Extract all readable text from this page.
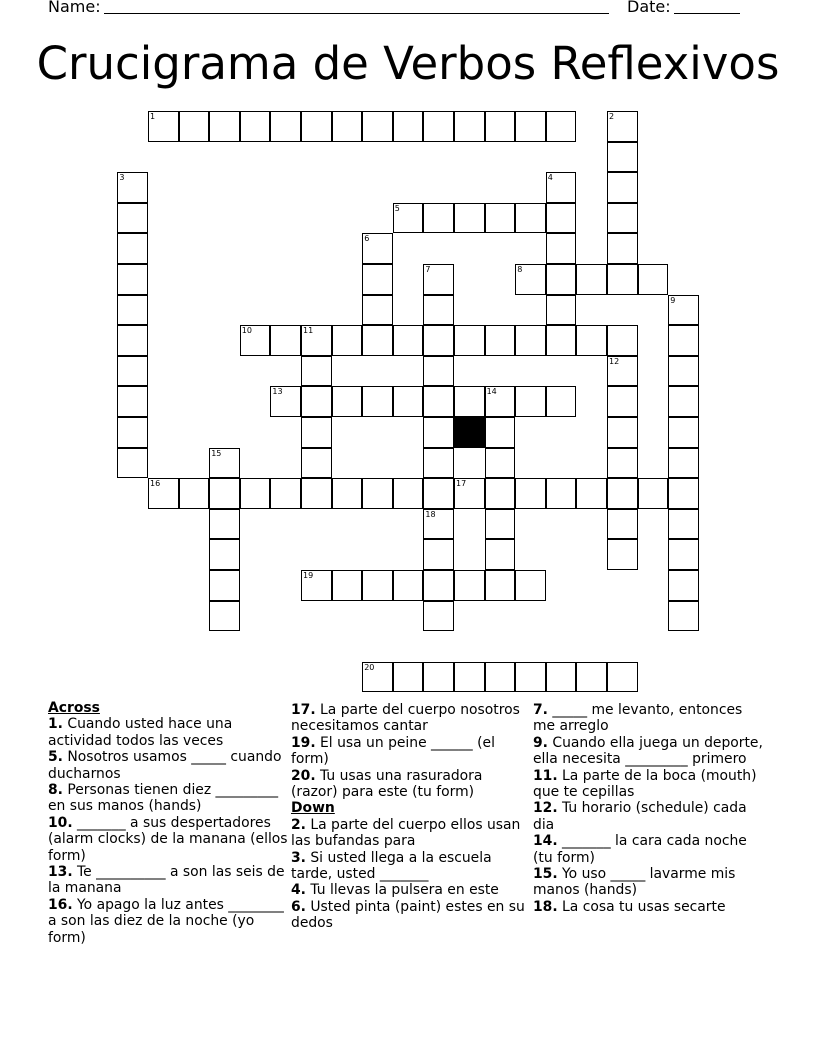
Name:	Date:
Crucigrama de Verbos Reflexivos
1	2
3	4
5
6
7
18
8
9
10	11
12
13	14
15
16	17
19
20

Across

1. Cuando usted hace una actividad todos las veces

5. Nosotros usamos _____ cuando ducharnos

8. Personas tienen diez _________ en sus manos (hands)

10. _______ a sus despertadores (alarm clocks) de la manana (ellos form)

13. Te __________ a son las seis de la manana

16. Yo apago la luz antes ________ a son las diez de la noche (yo form)

17. La parte del cuerpo nosotros necesitamos cantar

19. El usa un peine ______ (el form)

20. Tu usas una rasuradora (razor) para este (tu form)

Down

2. La parte del cuerpo ellos usan las bufandas para

3. Si usted llega a la escuela tarde, usted _______

4. Tu llevas la pulsera en este

6. Usted pinta (paint) estes en su dedos

7. _____ me levanto, entonces me arreglo

9. Cuando ella juega un deporte, ella necesita _________ primero

11. La parte de la boca (mouth) que te cepillas

12. Tu horario (schedule) cada dia

14. _______ la cara cada noche (tu form)

15. Yo uso _____ lavarme mis manos (hands)

18. La cosa tu usas secarte
